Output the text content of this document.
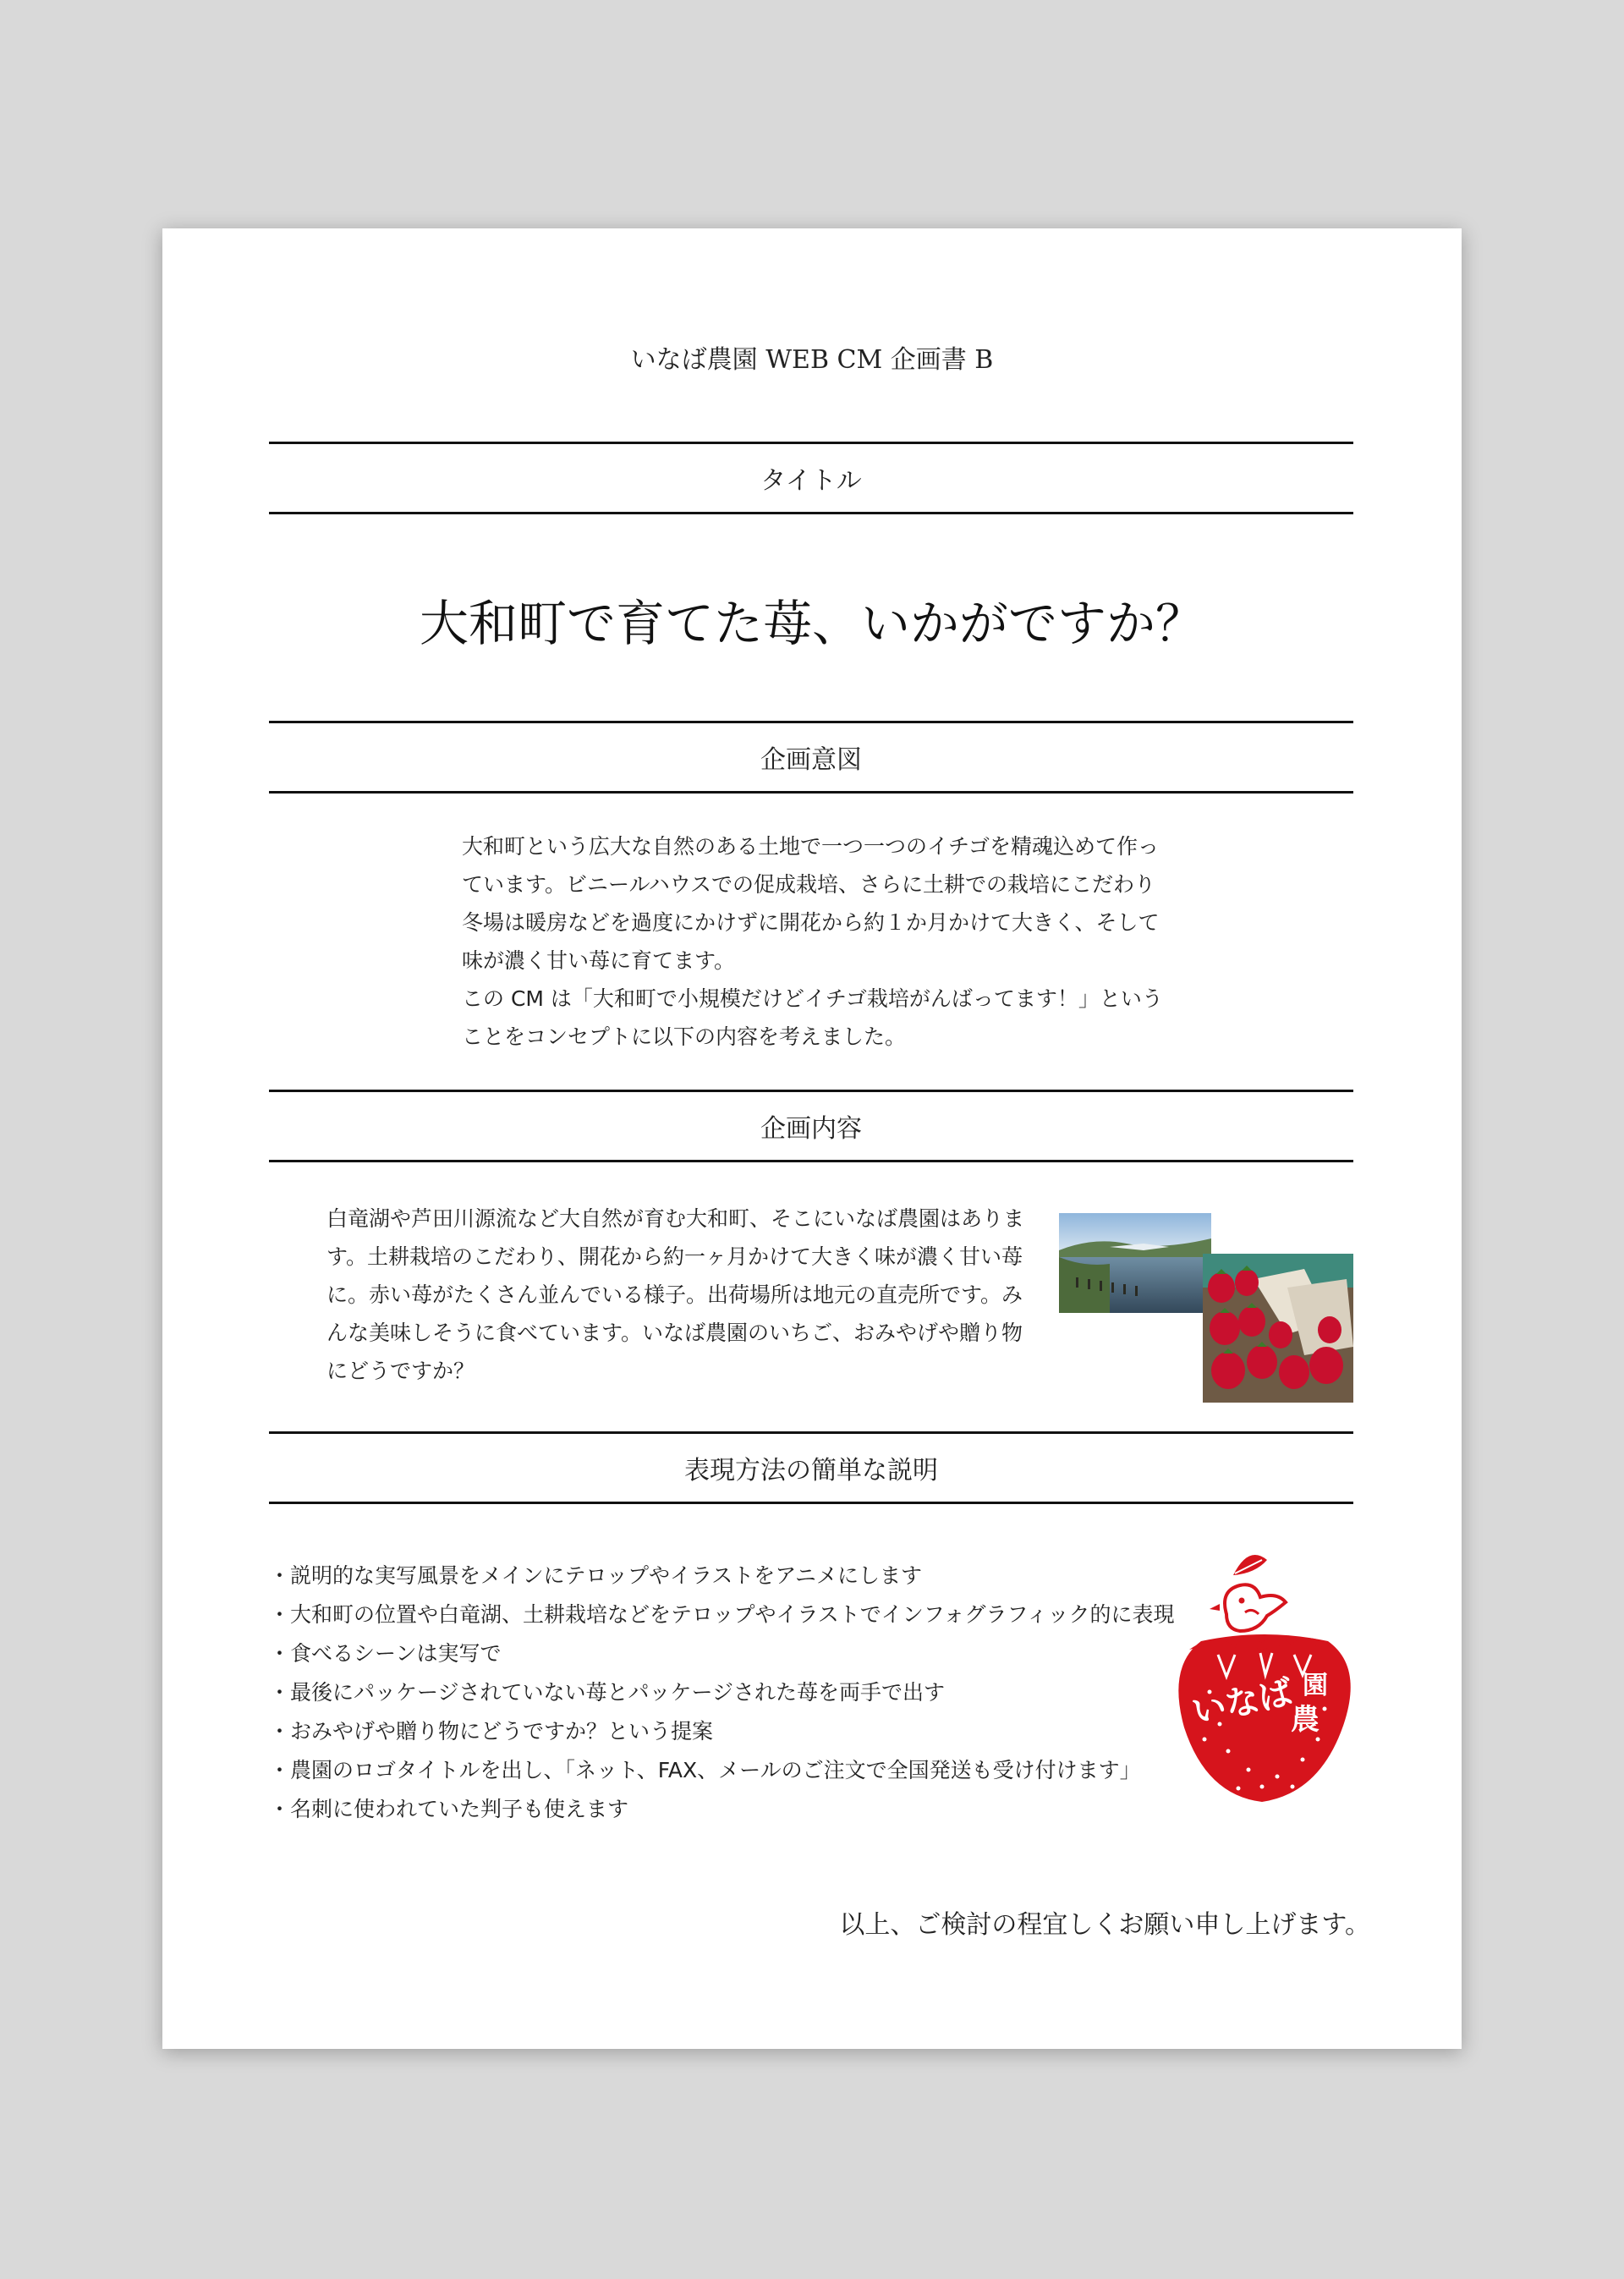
いなば農園 WEB CM 企画書 B
タイトル
大和町で育てた苺、いかがですか？
企画意図

大和町という広大な自然のある土地で一つ一つのイチゴを精魂込めて作っ

ています。ビニールハウスでの促成栽培、さらに土耕での栽培にこだわり

冬場は暖房などを過度にかけずに開花から約１か月かけて大きく、そして

味が濃く甘い苺に育てます。

この CM は「大和町で小規模だけどイチゴ栽培がんばってます！」という

ことをコンセプトに以下の内容を考えました。

企画内容

白竜湖や芦田川源流など大自然が育む大和町、そこにいなば農園はありま

す。土耕栽培のこだわり、開花から約一ヶ月かけて大きく味が濃く甘い苺

に。赤い苺がたくさん並んでいる様子。出荷場所は地元の直売所です。み

んな美味しそうに食べています。いなば農園のいちご、おみやげや贈り物

にどうですか？

表現方法の簡単な説明
・説明的な実写風景をメインにテロップやイラストをアニメにします
・大和町の位置や白竜湖、土耕栽培などをテロップやイラストでインフォグラフィック的に表現
・食べるシーンは実写で
・最後にパッケージされていない苺とパッケージされた苺を両手で出す
・おみやげや贈り物にどうですか？という提案
・農園のロゴタイトルを出し、「ネット、FAX、メールのご注文で全国発送も受け付けます」
・名刺に使われていた判子も使えます
いなば 園
農
以上、ご検討の程宜しくお願い申し上げます。
